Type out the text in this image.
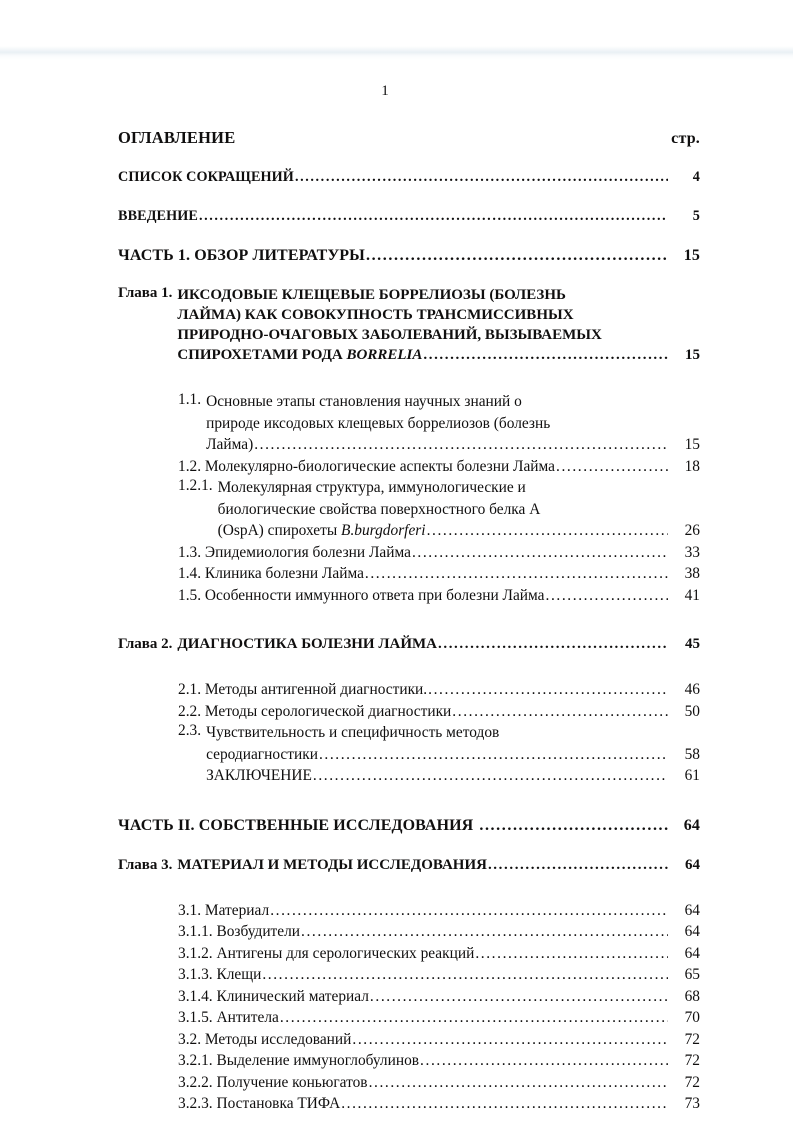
1
ОГЛАВЛЕНИЕ	стр.
СПИСОК СОКРАЩЕНИЙ .....	4
ВВЕДЕНИЕ .....	5
ЧАСТЬ 1. ОБЗОР ЛИТЕРАТУРЫ .....	15
Глава 1. ИКСОДОВЫЕ КЛЕЩЕВЫЕ БОРРЕЛИОЗЫ (БОЛЕЗНЬ
ЛАЙМА) КАК СОВОКУПНОСТЬ ТРАНСМИССИВНЫХ
ПРИРОДНО-ОЧАГОВЫХ ЗАБОЛЕВАНИЙ, ВЫЗЫВАЕМЫХ
СПИРОХЕТАМИ РОДА
BORRELIA .....	15
1.1. Основные этапы становления научных знаний о
природе иксодовых клещевых боррелиозов (болезнь
Лайма) .....	15
1.2. Молекулярно-биологические аспекты болезни Лайма .....	18
1.2.1. Молекулярная структура, иммунологические и
биологические свойства поверхностного белка А
(OspA) спирохеты
B.burgdorferi .....	26
1.3. Эпидемиология болезни Лайма .....	33
1.4. Клиника болезни Лайма .....	38
1.5. Особенности иммунного ответа при болезни Лайма .....	41
Глава 2. ДИАГНОСТИКА БОЛЕЗНИ ЛАЙМА .....	45
2.1. Методы антигенной диагностики. .....	46
2.2. Методы серологической диагностики .....	50
2.3. Чувствительность и специфичность методов
серодиагностики .....	58
ЗАКЛЮЧЕНИЕ .....	61
ЧАСТЬ II. СОБСТВЕННЫЕ ИССЛЕДОВАНИЯ .....	64
Глава 3. МАТЕРИАЛ И МЕТОДЫ ИССЛЕДОВАНИЯ .....	64
3.1. Материал .....	64
3.1.1. Возбудители .....	64
3.1.2. Антигены для серологических реакций .....	64
3.1.3. Клещи .....	65
3.1.4. Клинический материал .....	68
3.1.5. Антитела .....	70
3.2. Методы исследований .....	72
3.2.1. Выделение иммуноглобулинов .....	72
3.2.2. Получение коньюгатов .....	72
3.2.3. Постановка ТИФА .....	73
